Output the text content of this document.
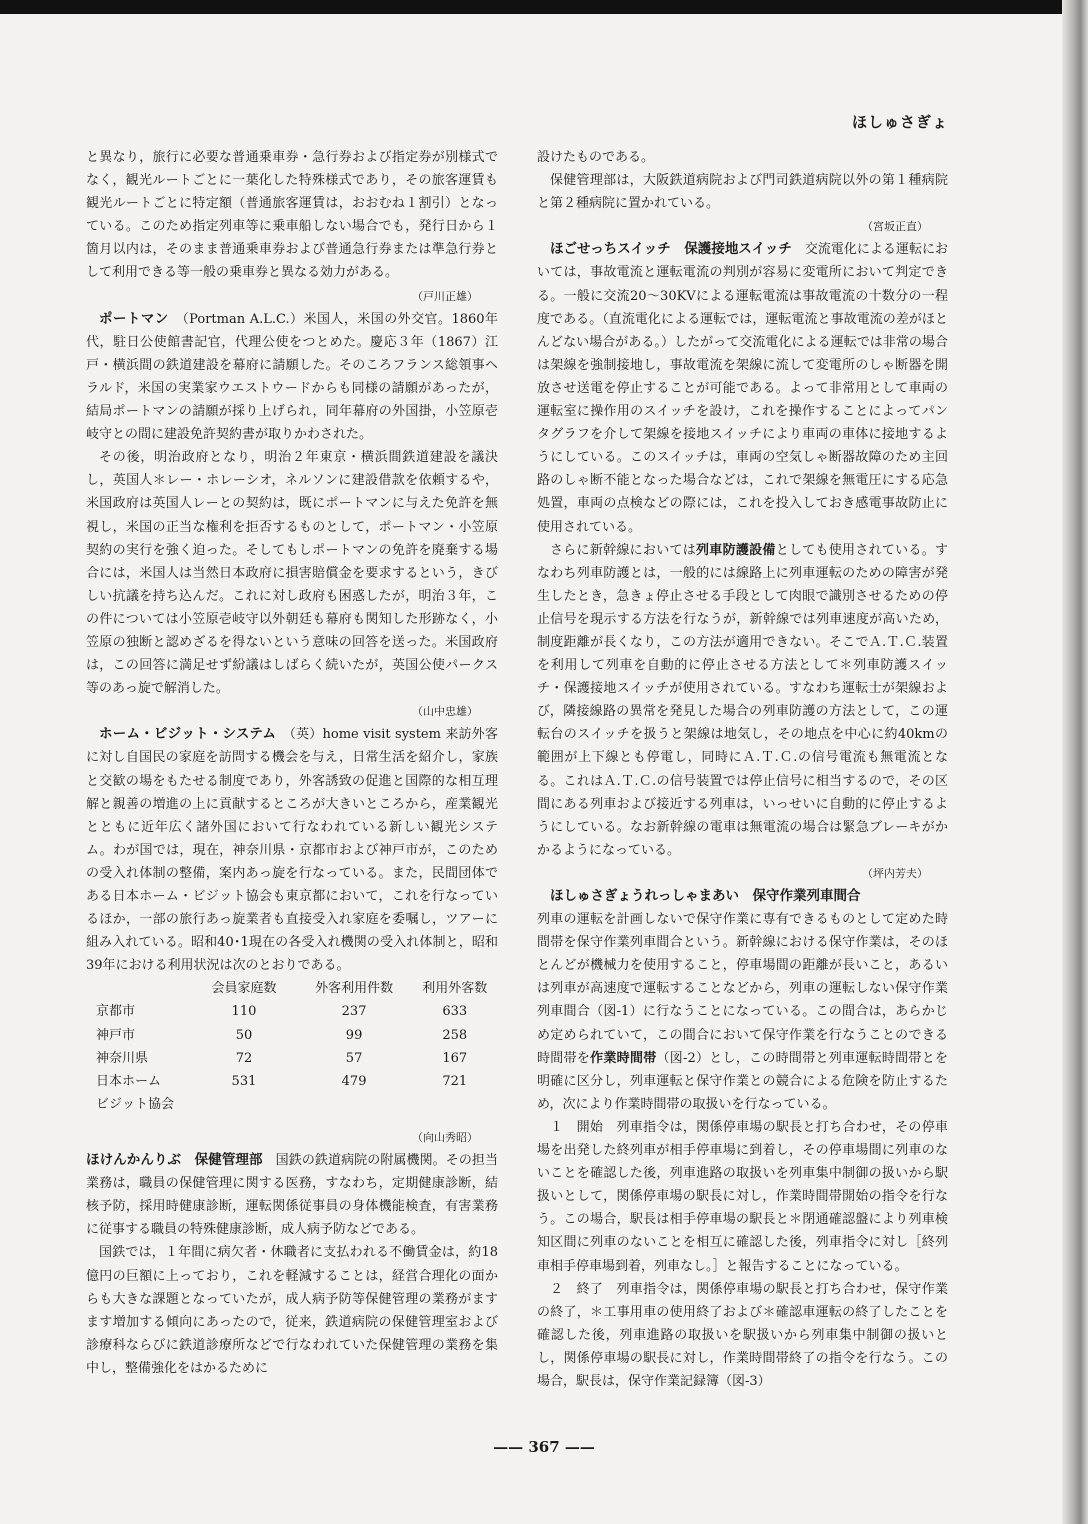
ほしゅさぎょ

と異なり，旅行に必要な普通乗車券・急行券および指定券が別様式でなく，観光ルートごとに一葉化した特殊様式であり，その旅客運賃も観光ルートごとに特定額（普通旅客運賃は，おおむね１割引）となっている。このため指定列車等に乗車船しない場合でも，発行日から１箇月以内は，そのまま普通乗車券および普通急行券または準急行券として利用できる等一般の乗車券と異なる効力がある。

（戸川正雄）

ポートマン　 （Portman A.L.C.）米国人，米国の外交官。1860年代，駐日公使館書記官，代理公使をつとめた。慶応３年（1867）江戸・横浜間の鉄道建設を幕府に請願した。そのころフランス総領事ヘラルド，米国の実業家ウエストウードからも同様の請願があったが，結局ポートマンの請願が採り上げられ，同年幕府の外国掛，小笠原壱岐守との間に建設免許契約書が取りかわされた。

その後，明治政府となり，明治２年東京・横浜間鉄道建設を議決し，英国人＊レー・ホレーシオ，ネルソンに建設借款を依頼するや，米国政府は英国人レーとの契約は，既にポートマンに与えた免許を無視し，米国の正当な権利を拒否するものとして，ポートマン・小笠原契約の実行を強く迫った。そしてもしポートマンの免許を廃棄する場合には，米国人は当然日本政府に損害賠償金を要求するという，きびしい抗議を持ち込んだ。これに対し政府も困惑したが，明治３年，この件については小笠原壱岐守以外朝廷も幕府も関知した形跡なく，小笠原の独断と認めざるを得ないという意味の回答を送った。米国政府は，この回答に満足せず紛議はしばらく続いたが，英国公使パークス等のあっ旋で解消した。

（山中忠雄）

ホーム・ビジット・システム　 （英）home visit system 来訪外客に対し自国民の家庭を訪問する機会を与え，日常生活を紹介し，家族と交歓の場をもたせる制度であり，外客誘致の促進と国際的な相互理解と親善の増進の上に貢献するところが大きいところから，産業観光とともに近年広く諸外国において行なわれている新しい観光システム。わが国では，現在，神奈川県・京都市および神戸市が，このための受入れ体制の整備，案内あっ旋を行なっている。また，民間団体である日本ホーム・ビジット協会も東京都において，これを行なっているほか，一部の旅行あっ旋業者も直接受入れ家庭を委嘱し，ツアーに組み入れている。昭和40･1現在の各受入れ機関の受入れ体制と，昭和39年における利用状況は次のとおりである。

	会員家庭数	外客利用件数	利用外客数
京都市	110	237	633
神戸市	50	99	258
神奈川県	72	57	167
日本ホーム	531	479	721
ビジット協会			

（向山秀昭）

ほけんかんりぶ　保健管理部　 国鉄の鉄道病院の附属機関。その担当業務は，職員の保健管理に関する医務，すなわち，定期健康診断，結核予防，採用時健康診断，運転関係従事員の身体機能検査，有害業務に従事する職員の特殊健康診断，成人病予防などである。

国鉄では，１年間に病欠者・休職者に支払われる不働賃金は，約18億円の巨額に上っており，これを軽減することは，経営合理化の面からも大きな課題となっていたが，成人病予防等保健管理の業務がますます増加する傾向にあったので，従来，鉄道病院の保健管理室および診療科ならびに鉄道診療所などで行なわれていた保健管理の業務を集中し，整備強化をはかるために

設けたものである。

保健管理部は，大阪鉄道病院および門司鉄道病院以外の第１種病院と第２種病院に置かれている。

（宮坂正直）

ほごせっちスイッチ　保護接地スイッチ　 交流電化による運転においては，事故電流と運転電流の判別が容易に変電所において判定できる。一般に交流20～30KVによる運転電流は事故電流の十数分の一程度である。（直流電化による運転では，運転電流と事故電流の差がほとんどない場合がある。）したがって交流電化による運転では非常の場合は架線を強制接地し，事故電流を架線に流して変電所のしゃ断器を開放させ送電を停止することが可能である。よって非常用として車両の運転室に操作用のスイッチを設け，これを操作することによってパンタグラフを介して架線を接地スイッチにより車両の車体に接地するようにしている。このスイッチは，車両の空気しゃ断器故障のため主回路のしゃ断不能となった場合などは，これで架線を無電圧にする応急処置，車両の点検などの際には，これを投入しておき感電事故防止に使用されている。

さらに新幹線においては列車防護設備としても使用されている。すなわち列車防護とは，一般的には線路上に列車運転のための障害が発生したとき，急きょ停止させる手段として肉眼で識別させるための停止信号を現示する方法を行なうが，新幹線では列車速度が高いため，制度距離が長くなり，この方法が適用できない。そこでＡ.Ｔ.Ｃ.装置を利用して列車を自動的に停止させる方法として＊列車防護スイッチ・保護接地スイッチが使用されている。すなわち運転士が架線および，隣接線路の異常を発見した場合の列車防護の方法として，この運転台のスイッチを扱うと架線は地気し，その地点を中心に約40kmの範囲が上下線とも停電し，同時にＡ.Ｔ.Ｃ.の信号電流も無電流となる。これはＡ.Ｔ.Ｃ.の信号装置では停止信号に相当するので，その区間にある列車および接近する列車は，いっせいに自動的に停止するようにしている。なお新幹線の電車は無電流の場合は緊急ブレーキがかかるようになっている。

（坪内芳夫）

ほしゅさぎょうれっしゃまあい　保守作業列車間合

列車の運転を計画しないで保守作業に専有できるものとして定めた時間帯を保守作業列車間合という。新幹線における保守作業は，そのほとんどが機械力を使用すること，停車場間の距離が長いこと，あるいは列車が高速度で運転することなどから，列車の運転しない保守作業列車間合（図-1）に行なうことになっている。この間合は，あらかじめ定められていて，この間合において保守作業を行なうことのできる時間帯を作業時間帯（図-2）とし，この時間帯と列車運転時間帯とを明確に区分し，列車運転と保守作業との競合による危険を防止するため，次により作業時間帯の取扱いを行なっている。

１　開始　列車指令は，関係停車場の駅長と打ち合わせ，その停車場を出発した終列車が相手停車場に到着し，その停車場間に列車のないことを確認した後，列車進路の取扱いを列車集中制御の扱いから駅扱いとして，関係停車場の駅長に対し，作業時間帯開始の指令を行なう。この場合，駅長は相手停車場の駅長と＊閉通確認盤により列車検知区間に列車のないことを相互に確認した後，列車指令に対し［終列車相手停車場到着，列車なし。］と報告することになっている。

２　終了　列車指令は，関係停車場の駅長と打ち合わせ，保守作業の終了，＊工事用車の使用終了および＊確認車運転の終了したことを確認した後，列車進路の取扱いを駅扱いから列車集中制御の扱いとし，関係停車場の駅長に対し，作業時間帯終了の指令を行なう。この場合，駅長は，保守作業記録簿（図-3）

—— 367 ——
